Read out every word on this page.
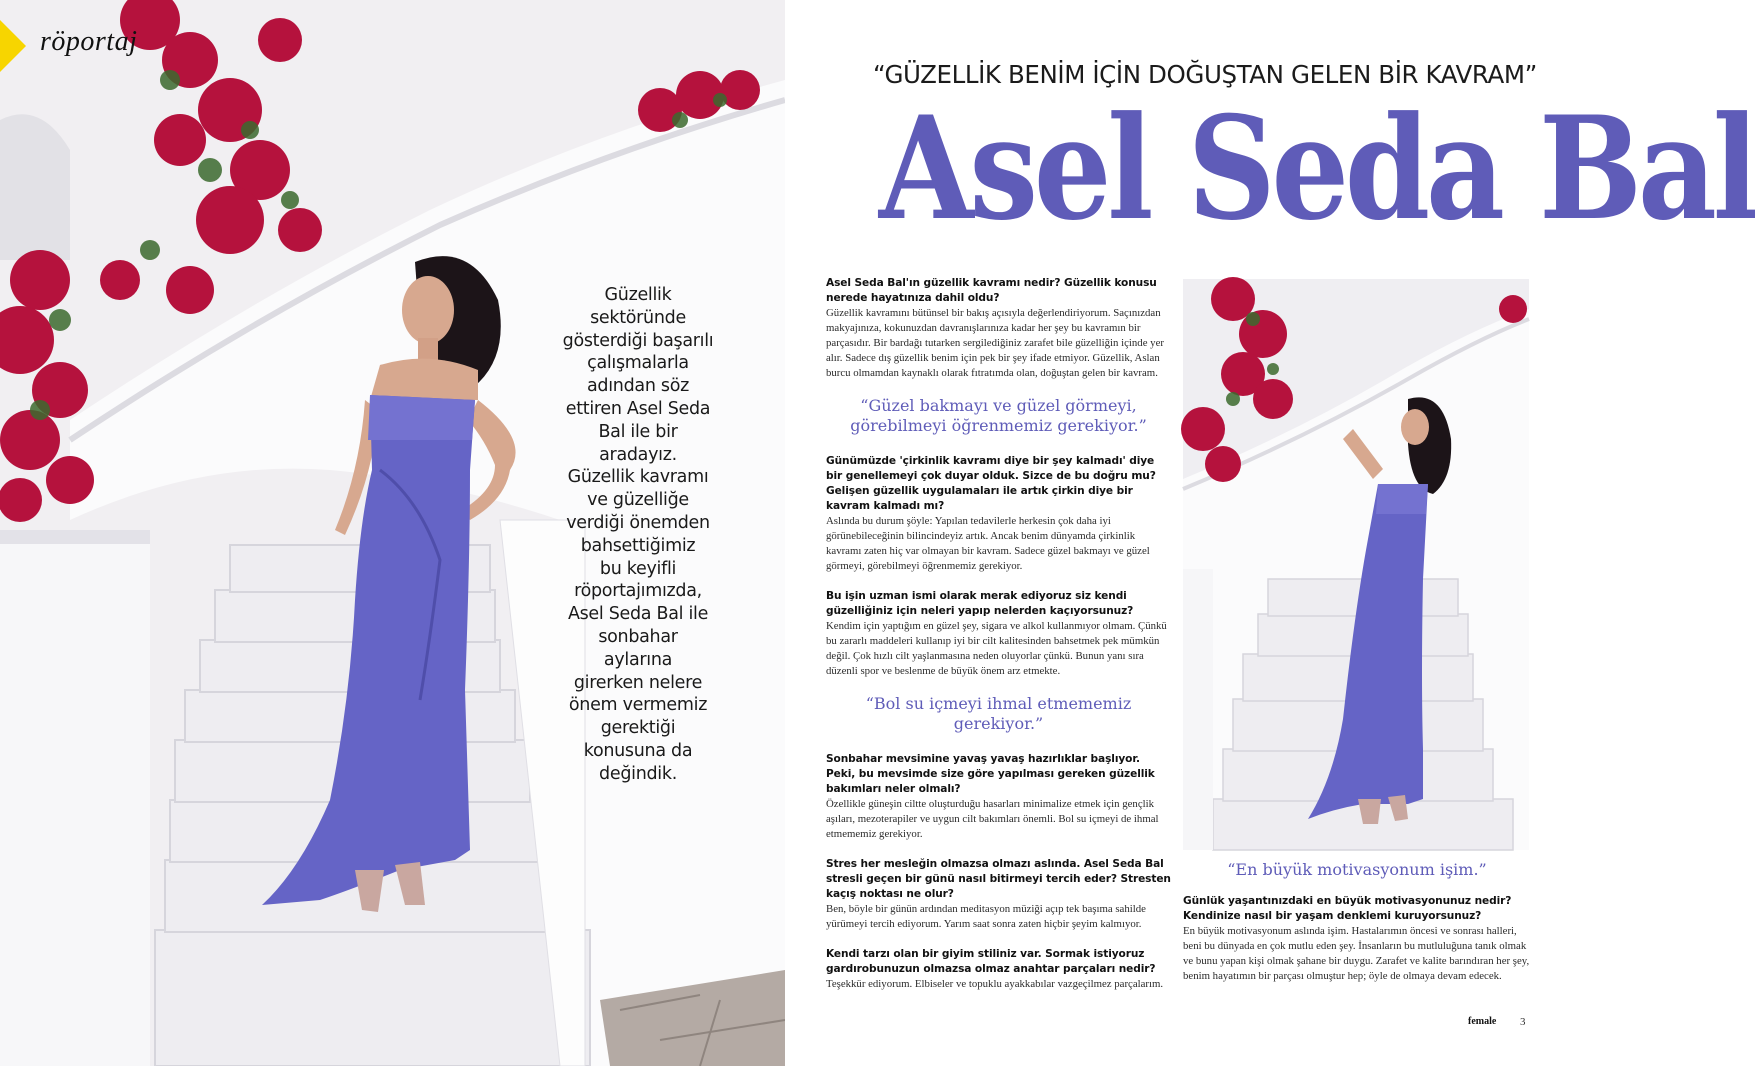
röportaj
Güzellik
sektöründe
gösterdiği başarılı
çalışmalarla
adından söz
ettiren Asel Seda
Bal ile bir aradayız.
Güzellik kavramı
ve güzelliğe
verdiği önemden
bahsettiğimiz
bu keyifli
röportajımızda,
Asel Seda Bal ile
sonbahar aylarına
girerken nelere
önem vermemiz
gerektiği
konusuna da
değindik.
“GÜZELLİK BENİM İÇİN DOĞUŞTAN GELEN BİR KAVRAM”
Asel Seda Bal
Asel Seda Bal'ın güzellik kavramı nedir? Güzellik konusu nerede hayatınıza dahil oldu?
Güzellik kavramını bütünsel bir bakış açısıyla değerlendiriyorum. Saçınızdan makyajınıza, kokunuzdan davranışlarınıza kadar her şey bu kavramın bir parçasıdır. Bir bardağı tutarken sergilediğiniz zarafet bile güzelliğin içinde yer alır. Sadece dış güzellik benim için pek bir şey ifade etmiyor. Güzellik, Aslan burcu olmamdan kaynaklı olarak fıtratımda olan, doğuştan gelen bir kavram.
“Güzel bakmayı ve güzel görmeyi, görebilmeyi öğrenmemiz gerekiyor.”
Günümüzde 'çirkinlik kavramı diye bir şey kalmadı' diye bir genellemeyi çok duyar olduk. Sizce de bu doğru mu? Gelişen güzellik uygulamaları ile artık çirkin diye bir kavram kalmadı mı?
Aslında bu durum şöyle: Yapılan tedavilerle herkesin çok daha iyi görünebileceğinin bilincindeyiz artık. Ancak benim dünyamda çirkinlik kavramı zaten hiç var olmayan bir kavram. Sadece güzel bakmayı ve güzel görmeyi, görebilmeyi öğrenmemiz gerekiyor.
Bu işin uzman ismi olarak merak ediyoruz siz kendi güzelliğiniz için neleri yapıp nelerden kaçıyorsunuz?
Kendim için yaptığım en güzel şey, sigara ve alkol kullanmıyor olmam. Çünkü bu zararlı maddeleri kullanıp iyi bir cilt kalitesinden bahsetmek pek mümkün değil. Çok hızlı cilt yaşlanmasına neden oluyorlar çünkü. Bunun yanı sıra düzenli spor ve beslenme de büyük önem arz etmekte.
“Bol su içmeyi ihmal etmememiz gerekiyor.”
Sonbahar mevsimine yavaş yavaş hazırlıklar başlıyor. Peki, bu mevsimde size göre yapılması gereken güzellik bakımları neler olmalı?
Özellikle güneşin ciltte oluşturduğu hasarları minimalize etmek için gençlik aşıları, mezoterapiler ve uygun cilt bakımları önemli. Bol su içmeyi de ihmal etmememiz gerekiyor.
Stres her mesleğin olmazsa olmazı aslında. Asel Seda Bal stresli geçen bir günü nasıl bitirmeyi tercih eder? Stresten kaçış noktası ne olur?
Ben, böyle bir günün ardından meditasyon müziği açıp tek başıma sahilde yürümeyi tercih ediyorum. Yarım saat sonra zaten hiçbir şeyim kalmıyor.
Kendi tarzı olan bir giyim stiliniz var. Sormak istiyoruz gardırobunuzun olmazsa olmaz anahtar parçaları nedir?
Teşekkür ediyorum. Elbiseler ve topuklu ayakkabılar vazgeçilmez parçalarım.
“En büyük motivasyonum işim.”
Günlük yaşantınızdaki en büyük motivasyonunuz nedir? Kendinize nasıl bir yaşam denklemi kuruyorsunuz?
En büyük motivasyonum aslında işim. Hastalarımın öncesi ve sonrası halleri, beni bu dünyada en çok mutlu eden şey. İnsanların bu mutluluğuna tanık olmak ve bunu yapan kişi olmak şahane bir duygu. Zarafet ve kalite barındıran her şey, benim hayatımın bir parçası olmuştur hep; öyle de olmaya devam edecek.
female 3
